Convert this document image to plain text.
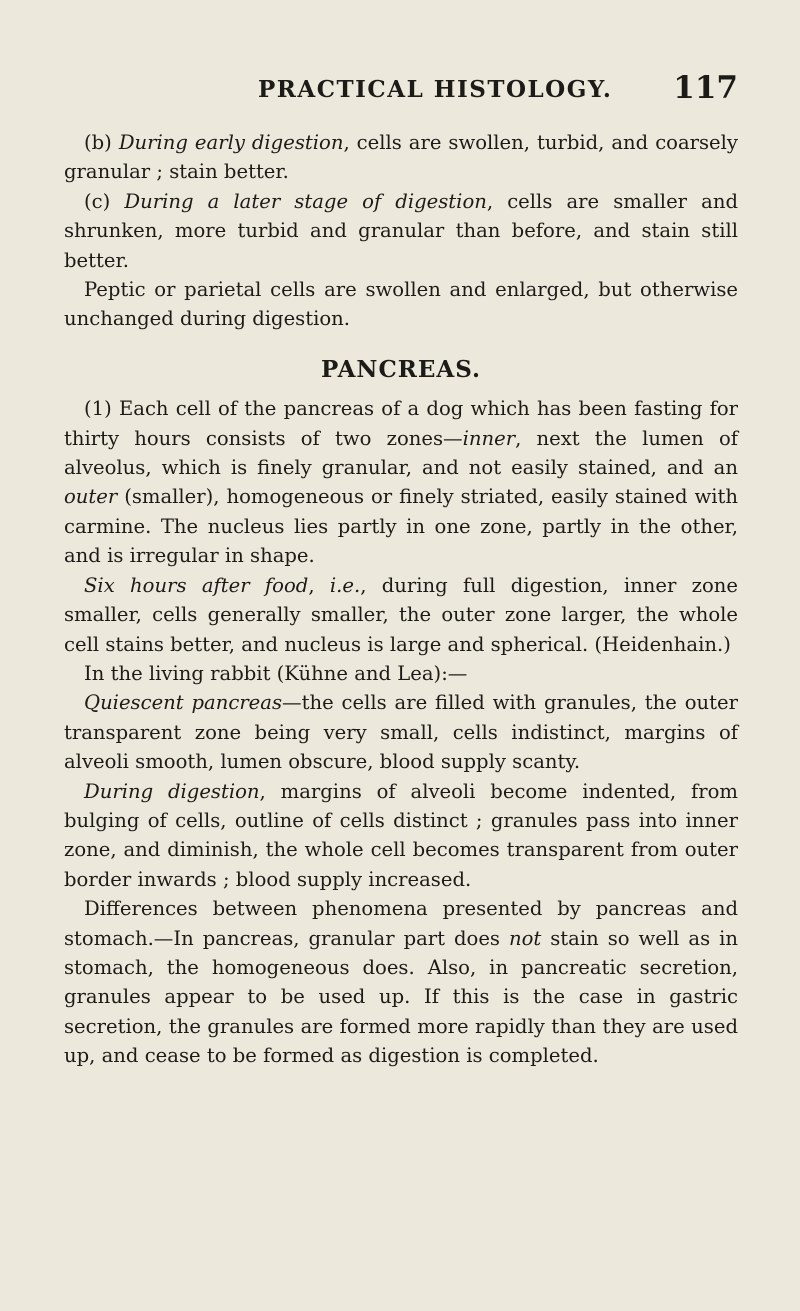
PRACTICAL HISTOLOGY. 117

(b) During early digestion, cells are swollen, turbid, and coarsely granular ; stain better.

(c) During a later stage of digestion, cells are smaller and shrunken, more turbid and granular than before, and stain still better.

Peptic or parietal cells are swollen and enlarged, but otherwise unchanged during digestion.

PANCREAS.

(1) Each cell of the pancreas of a dog which has been fasting for thirty hours consists of two zones—inner, next the lumen of alveolus, which is finely granular, and not easily stained, and an outer (smaller), homogeneous or finely striated, easily stained with carmine. The nucleus lies partly in one zone, partly in the other, and is irregular in shape.

Six hours after food, i.e., during full digestion, inner zone smaller, cells generally smaller, the outer zone larger, the whole cell stains better, and nucleus is large and spherical. (Heidenhain.)

In the living rabbit (Kühne and Lea):—

Quiescent pancreas—the cells are filled with granules, the outer transparent zone being very small, cells indistinct, margins of alveoli smooth, lumen obscure, blood supply scanty.

During digestion, margins of alveoli become indented, from bulging of cells, outline of cells distinct ; granules pass into inner zone, and diminish, the whole cell becomes transparent from outer border inwards ; blood supply increased.

Differences between phenomena presented by pancreas and stomach.—In pancreas, granular part does not stain so well as in stomach, the homogeneous does. Also, in pancreatic secretion, granules appear to be used up. If this is the case in gastric secretion, the granules are formed more rapidly than they are used up, and cease to be formed as digestion is completed.
